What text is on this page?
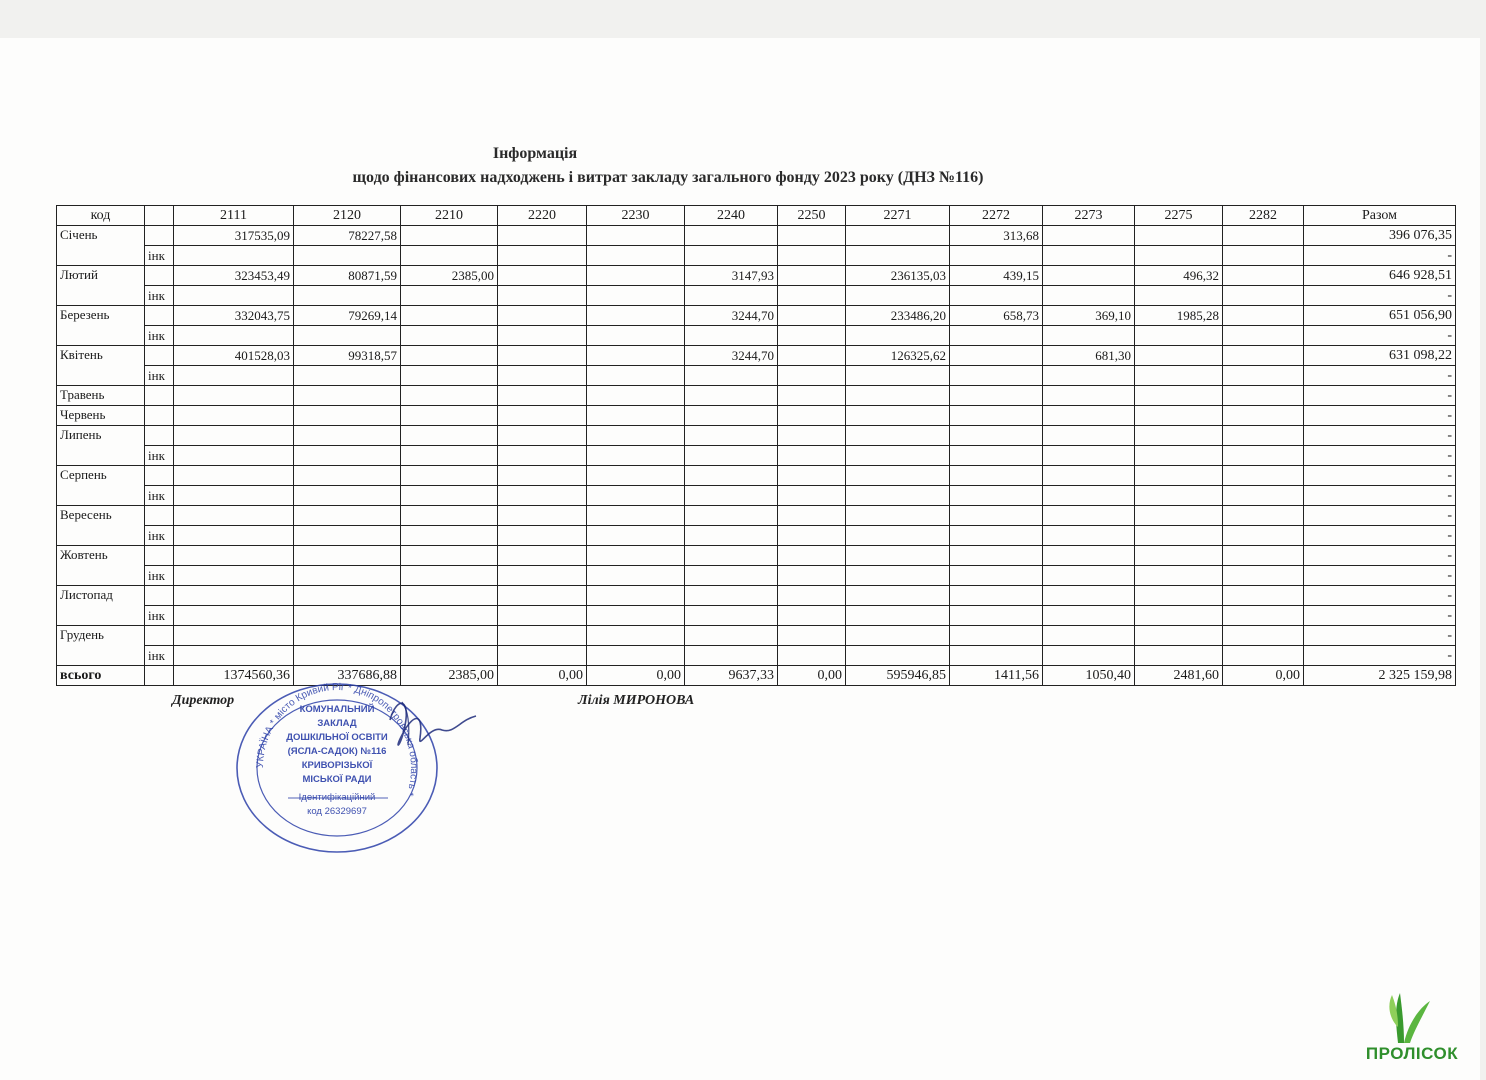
Інформація
щодо фінансових надходжень і витрат закладу загального фонду 2023 року (ДНЗ №116)
код		2111	2120	2210	2220	2230	2240	2250	2271	2272	2273	2275	2282	Разом
Січень		317535,09	78227,58							313,68				396 076,35
	інк													-
Лютий		323453,49	80871,59	2385,00			3147,93		236135,03	439,15		496,32		646 928,51
	інк													-
Березень		332043,75	79269,14				3244,70		233486,20	658,73	369,10	1985,28		651 056,90
	інк													-
Квітень		401528,03	99318,57				3244,70		126325,62		681,30			631 098,22
	інк													-
Травень														-
Червень														-
Липень														-
	інк													-
Серпень														-
	інк													-
Вересень														-
	інк													-
Жовтень														-
	інк													-
Листопад														-
	інк													-
Грудень														-
	інк													-
всього		1374560,36	337686,88	2385,00	0,00	0,00	9637,33	0,00	595946,85	1411,56	1050,40	2481,60	0,00	2 325 159,98
Директор	Лілія МИРОНОВА
УКРАЇНА * місто Кривий Ріг * Дніпропетровська область *
КОМУНАЛЬНИЙ
ЗАКЛАД
ДОШКІЛЬНОЇ ОСВІТИ
(ЯСЛА-САДОК) №116
КРИВОРІЗЬКОЇ
МІСЬКОЇ РАДИ
Ідентифікаційний
код 26329697
ПРОЛІСОК
